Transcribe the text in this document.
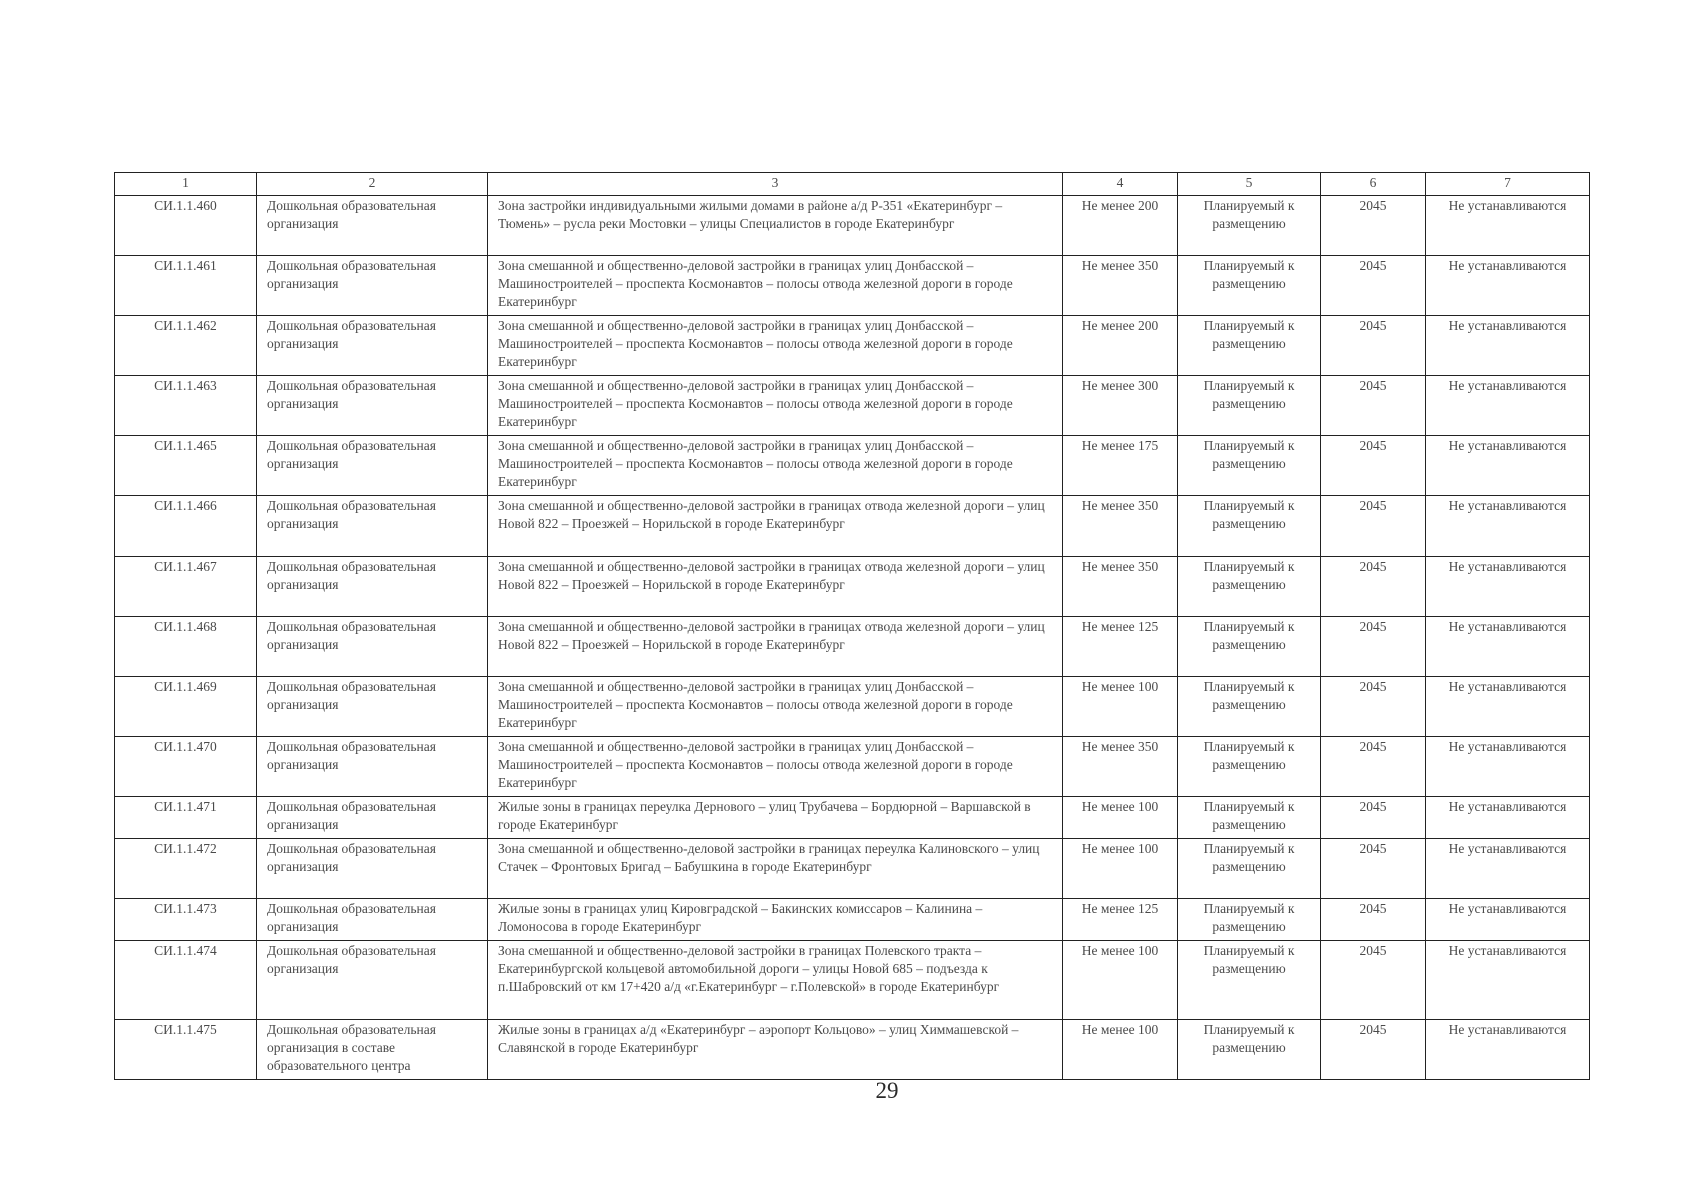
1	2	3	4	5	6	7
СИ.1.1.460	Дошкольная образовательная организация	Зона застройки индивидуальными жилыми домами в районе а/д Р-351 «Екатеринбург – Тюмень» – русла реки Мостовки – улицы Специалистов в городе Екатеринбург	Не менее 200	Планируемый к размещению	2045	Не устанавливаются
СИ.1.1.461	Дошкольная образовательная организация	Зона смешанной и общественно-деловой застройки в границах улиц Донбасской – Машиностроителей – проспекта Космонавтов – полосы отвода железной дороги в городе Екатеринбург	Не менее 350	Планируемый к размещению	2045	Не устанавливаются
СИ.1.1.462	Дошкольная образовательная организация	Зона смешанной и общественно-деловой застройки в границах улиц Донбасской – Машиностроителей – проспекта Космонавтов – полосы отвода железной дороги в городе Екатеринбург	Не менее 200	Планируемый к размещению	2045	Не устанавливаются
СИ.1.1.463	Дошкольная образовательная организация	Зона смешанной и общественно-деловой застройки в границах улиц Донбасской – Машиностроителей – проспекта Космонавтов – полосы отвода железной дороги в городе Екатеринбург	Не менее 300	Планируемый к размещению	2045	Не устанавливаются
СИ.1.1.465	Дошкольная образовательная организация	Зона смешанной и общественно-деловой застройки в границах улиц Донбасской – Машиностроителей – проспекта Космонавтов – полосы отвода железной дороги в городе Екатеринбург	Не менее 175	Планируемый к размещению	2045	Не устанавливаются
СИ.1.1.466	Дошкольная образовательная организация	Зона смешанной и общественно-деловой застройки в границах отвода железной дороги – улиц Новой 822 – Проезжей – Норильской в городе Екатеринбург	Не менее 350	Планируемый к размещению	2045	Не устанавливаются
СИ.1.1.467	Дошкольная образовательная организация	Зона смешанной и общественно-деловой застройки в границах отвода железной дороги – улиц Новой 822 – Проезжей – Норильской в городе Екатеринбург	Не менее 350	Планируемый к размещению	2045	Не устанавливаются
СИ.1.1.468	Дошкольная образовательная организация	Зона смешанной и общественно-деловой застройки в границах отвода железной дороги – улиц Новой 822 – Проезжей – Норильской в городе Екатеринбург	Не менее 125	Планируемый к размещению	2045	Не устанавливаются
СИ.1.1.469	Дошкольная образовательная организация	Зона смешанной и общественно-деловой застройки в границах улиц Донбасской – Машиностроителей – проспекта Космонавтов – полосы отвода железной дороги в городе Екатеринбург	Не менее 100	Планируемый к размещению	2045	Не устанавливаются
СИ.1.1.470	Дошкольная образовательная организация	Зона смешанной и общественно-деловой застройки в границах улиц Донбасской – Машиностроителей – проспекта Космонавтов – полосы отвода железной дороги в городе Екатеринбург	Не менее 350	Планируемый к размещению	2045	Не устанавливаются
СИ.1.1.471	Дошкольная образовательная организация	Жилые зоны в границах переулка Дернового – улиц Трубачева – Бордюрной – Варшавской в городе Екатеринбург	Не менее 100	Планируемый к размещению	2045	Не устанавливаются
СИ.1.1.472	Дошкольная образовательная организация	Зона смешанной и общественно-деловой застройки в границах переулка Калиновского – улиц Стачек – Фронтовых Бригад – Бабушкина в городе Екатеринбург	Не менее 100	Планируемый к размещению	2045	Не устанавливаются
СИ.1.1.473	Дошкольная образовательная организация	Жилые зоны в границах улиц Кировградской – Бакинских комиссаров – Калинина – Ломоносова в городе Екатеринбург	Не менее 125	Планируемый к размещению	2045	Не устанавливаются
СИ.1.1.474	Дошкольная образовательная организация	Зона смешанной и общественно-деловой застройки в границах Полевского тракта – Екатеринбургской кольцевой автомобильной дороги – улицы Новой 685 – подъезда к п.Шабровский от км 17+420 а/д «г.Екатеринбург – г.Полевской» в городе Екатеринбург	Не менее 100	Планируемый к размещению	2045	Не устанавливаются
СИ.1.1.475	Дошкольная образовательная организация в составе образовательного центра	Жилые зоны в границах а/д «Екатеринбург – аэропорт Кольцово» – улиц Химмашевской – Славянской в городе Екатеринбург	Не менее 100	Планируемый к размещению	2045	Не устанавливаются
29
